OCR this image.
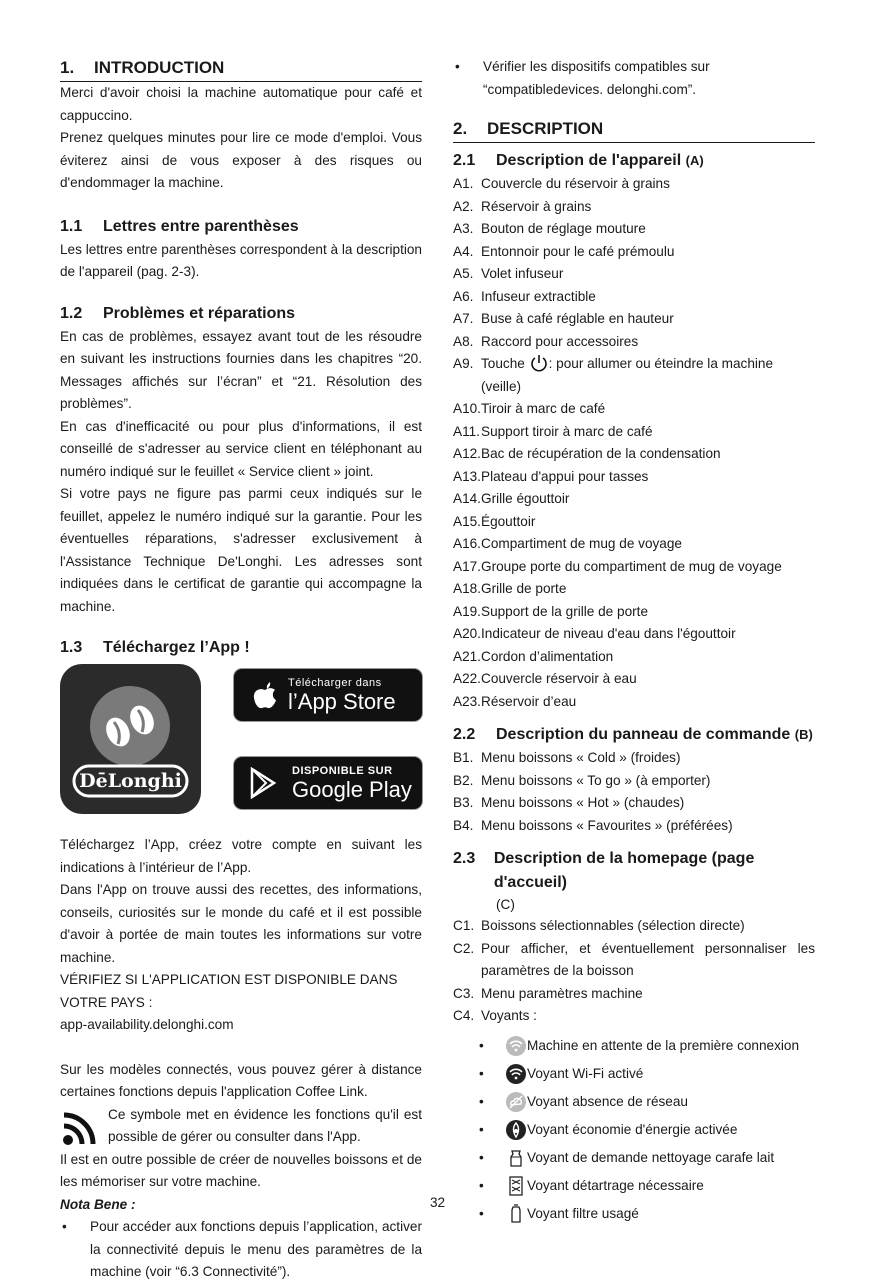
1.	INTRODUCTION

Merci d'avoir choisi la machine automatique pour café et cappuccino.

Prenez quelques minutes pour lire ce mode d'emploi. Vous éviterez ainsi de vous exposer à des risques ou d'endommager la machine.

1.1	Lettres entre parenthèses

Les lettres entre parenthèses correspondent à la description de l'appareil (pag. 2-3).

1.2	Problèmes et réparations

En cas de problèmes, essayez avant tout de les résoudre en suivant les instructions fournies dans les chapitres “20. Messages affichés sur l’écran” et “21. Résolution des problèmes”.

En cas d'inefficacité ou pour plus d'informations, il est conseillé de s'adresser au service client en téléphonant au numéro indiqué sur le feuillet « Service client » joint.

Si votre pays ne figure pas parmi ceux indiqués sur le feuillet, appelez le numéro indiqué sur la garantie. Pour les éventuelles réparations, s'adresser exclusivement à l'Assistance Technique De'Longhi. Les adresses sont indiquées dans le certificat de garantie qui accompagne la machine.

1.3	Téléchargez l’App !
DēLonghi
Télécharger dans
l’App Store
DISPONIBLE SUR
Google Play

Téléchargez l’App, créez votre compte en suivant les indications à l’intérieur de l’App.

Dans l'App on trouve aussi des recettes, des informations, conseils, curiosités sur le monde du café et il est possible d'avoir à portée de main toutes les informations sur votre machine.

VÉRIFIEZ SI L'APPLICATION EST DISPONIBLE DANS VOTRE PAYS :

app-availability.delonghi.com

Sur les modèles connectés, vous pouvez gérer à distance certaines fonctions depuis l'application Coffee Link.

Ce symbole met en évidence les fonctions qu'il est possible de gérer ou consulter dans l'App.

Il est en outre possible de créer de nouvelles boissons et de les mémoriser sur votre machine.

Nota Bene :

•	Pour accéder aux fonctions depuis l’application, activer la connectivité depuis le menu des paramètres de la machine (voir “6.3 Connectivité”).
•	Vérifier les dispositifs compatibles sur “compatibledevices. delonghi.com”.
2.	DESCRIPTION
2.1	Description de l'appareil (A)
A1. Couvercle du réservoir à grains
A2. Réservoir à grains
A3. Bouton de réglage mouture
A4. Entonnoir pour le café prémoulu
A5. Volet infuseur
A6. Infuseur extractible
A7. Buse à café réglable en hauteur
A8. Raccord pour accessoires
A9. Touche : pour allumer ou éteindre la machine (veille)
A10. Tiroir à marc de café
A11. Support tiroir à marc de café
A12. Bac de récupération de la condensation
A13. Plateau d'appui pour tasses
A14. Grille égouttoir
A15. Égouttoir
A16. Compartiment de mug de voyage
A17. Groupe porte du compartiment de mug de voyage
A18. Grille de porte
A19. Support de la grille de porte
A20. Indicateur de niveau d'eau dans l'égouttoir
A21. Cordon d’alimentation
A22. Couvercle réservoir à eau
A23. Réservoir d’eau
2.2	Description du panneau de commande (B)
B1. Menu boissons « Cold » (froides)
B2. Menu boissons « To go » (à emporter)
B3. Menu boissons « Hot » (chaudes)
B4. Menu boissons « Favourites » (préférées)
2.3	Description de la homepage (page d'accueil)
(C)
C1. Boissons sélectionnables (sélection directe)
C2. Pour afficher, et éventuellement personnaliser les paramètres de la boisson
C3. Menu paramètres machine
C4. Voyants :
•	Machine en attente de la première connexion
•	Voyant Wi-Fi activé
•	Voyant absence de réseau
•	Voyant économie d'énergie activée
•	Voyant de demande nettoyage carafe lait
•	Voyant détartrage nécessaire
•	Voyant filtre usagé
32
